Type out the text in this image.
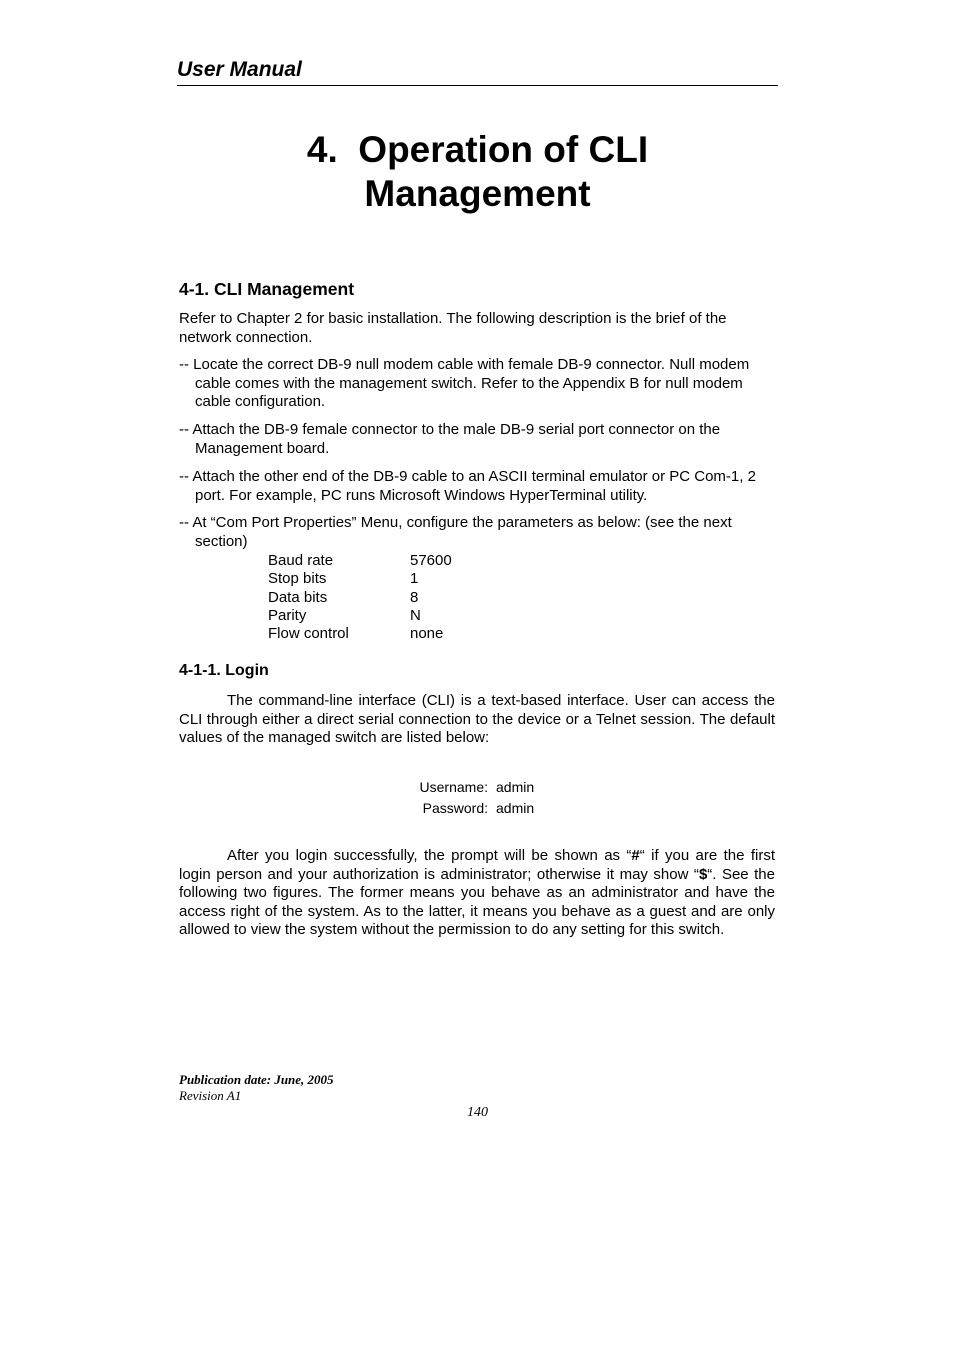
User Manual
4.  Operation of CLI
Management
4-1. CLI Management

Refer to Chapter 2 for basic installation. The following description is the brief of the network connection.

-- Locate the correct DB-9 null modem cable with female DB-9 connector. Null modem cable comes with the management switch. Refer to the Appendix B for null modem cable configuration.

-- Attach the DB-9 female connector to the male DB-9 serial port connector on the Management board.

-- Attach the other end of the DB-9 cable to an ASCII terminal emulator or PC Com-1, 2 port. For example, PC runs Microsoft Windows HyperTerminal utility.

-- At “Com Port Properties” Menu, configure the parameters as below: (see the next section)

Baud rate	57600
Stop bits	1
Data bits	8
Parity	N
Flow control	none
4-1-1. Login

The command-line interface (CLI) is a text-based interface. User can access the CLI through either a direct serial connection to the device or a Telnet session. The default values of the managed switch are listed below:

Username:	admin
Password:	admin

After you login successfully, the prompt will be shown as “#“ if you are the first login person and your authorization is administrator; otherwise it may show “$“. See the following two figures. The former means you behave as an administrator and have the access right of the system. As to the latter, it means you behave as a guest and are only allowed to view the system without the permission to do any setting for this switch.

Publication date: June, 2005
Revision A1
140
